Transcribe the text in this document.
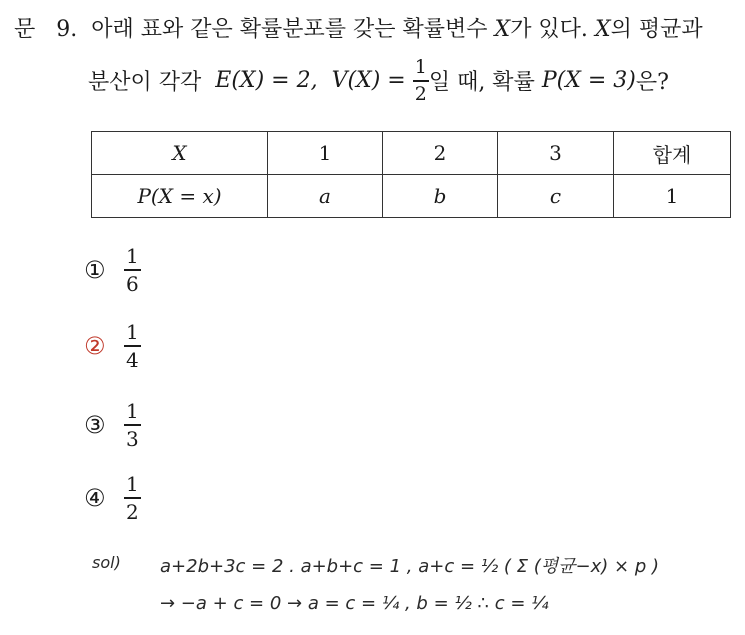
문 9. 아래 표와 같은 확률분포를 갖는 확률변수 X가 있다. X의 평균과
분산이 각각
E(X) = 2,
V(X) =
$\frac{1}{2}$ 일 때, 확률
P(X = 3) 은?
X	1	2	3	합계
P(X = x)	a	b	c	1
① $\frac{1}{6}$
② $\frac{1}{4}$
③ $\frac{1}{3}$
④ $\frac{1}{2}$
sol) a+2b+3c = 2 . a+b+c = 1 , a+c = ½ ( Σ (평균−x) × p )
→ −a + c = 0 → a = c = ¼ , b = ½ ∴ c = ¼
